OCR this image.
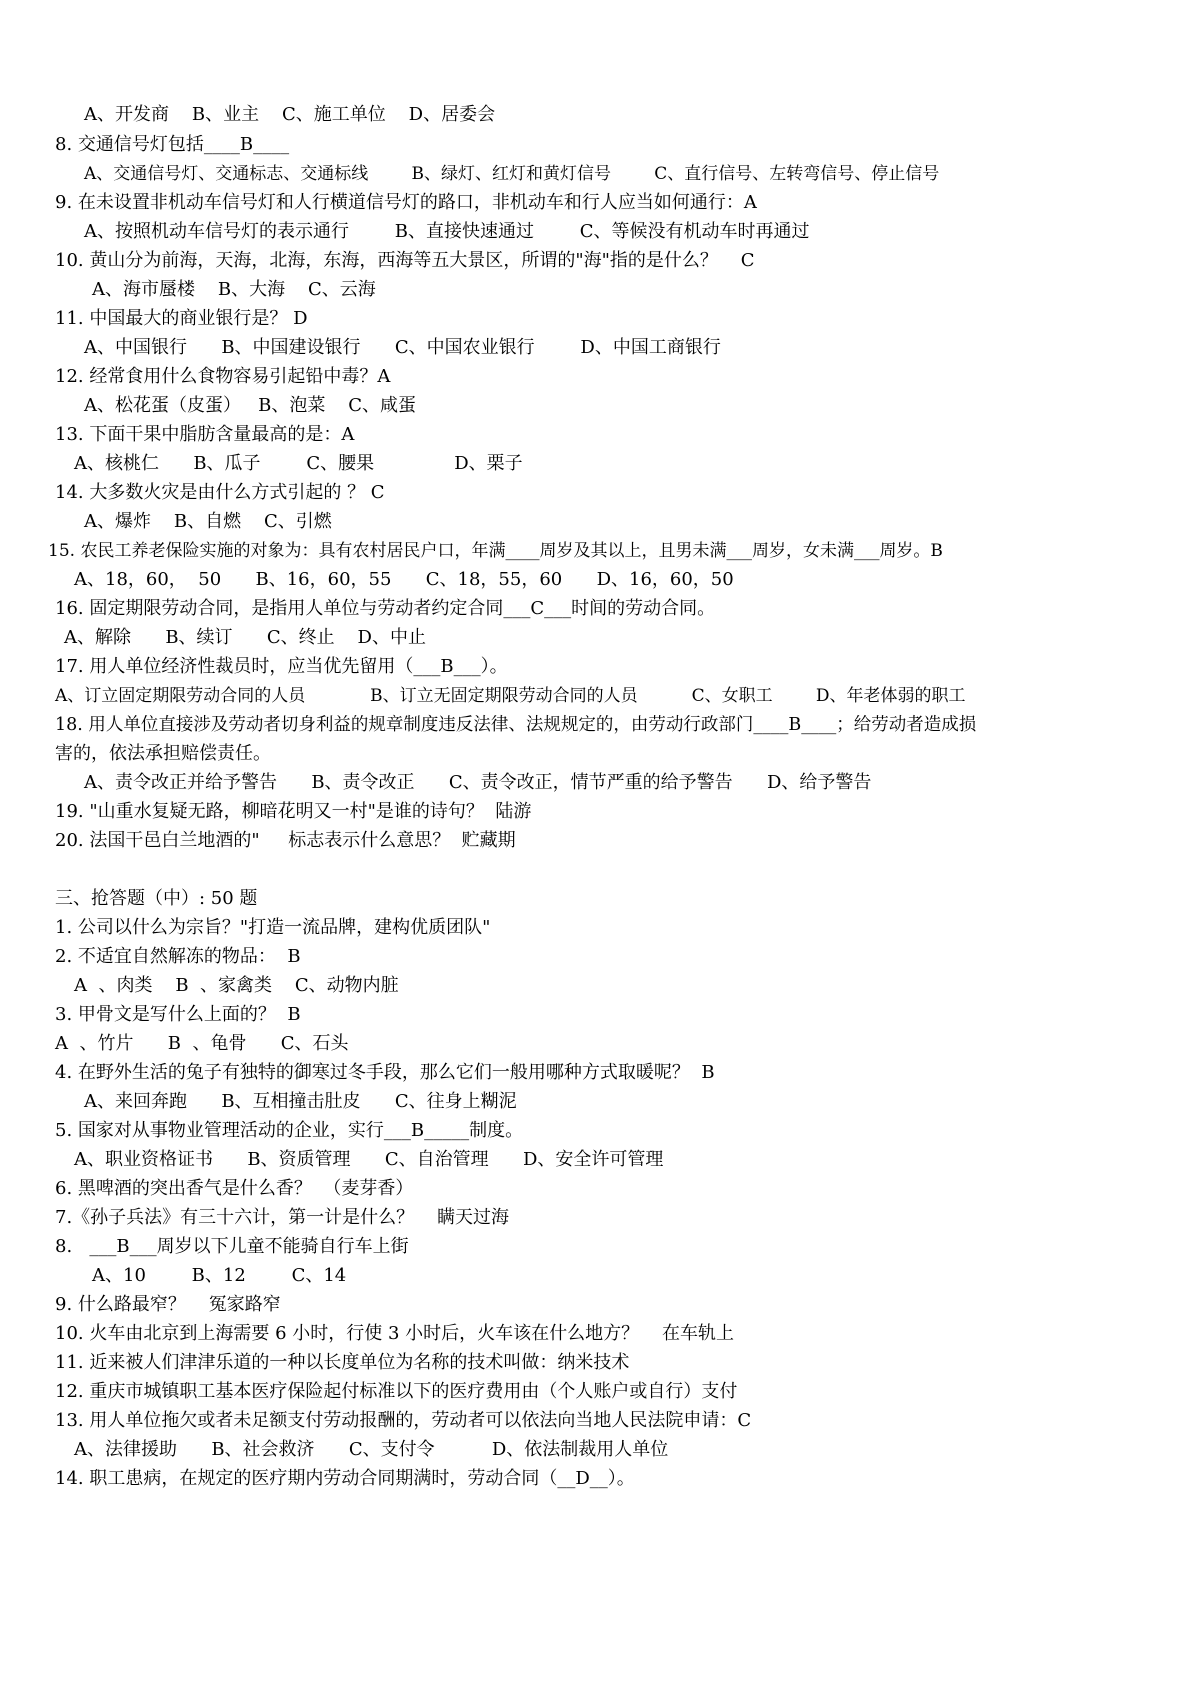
A、开发商    B、业主    C、施工单位    D、居委会
8. 交通信号灯包括____B____
A、交通信号灯、交通标志、交通标线        B、绿灯、红灯和黄灯信号        C、直行信号、左转弯信号、停止信号
9. 在未设置非机动车信号灯和人行横道信号灯的路口，非机动车和行人应当如何通行：A
A、按照机动车信号灯的表示通行        B、直接快速通过        C、等候没有机动车时再通过
10. 黄山分为前海，天海，北海，东海，西海等五大景区，所谓的"海"指的是什么？    C
A、海市蜃楼    B、大海    C、云海
11. 中国最大的商业银行是？ D
A、中国银行      B、中国建设银行      C、中国农业银行        D、中国工商银行
12. 经常食用什么食物容易引起铅中毒？A
A、松花蛋（皮蛋）   B、泡菜    C、咸蛋
13. 下面干果中脂肪含量最高的是：A
A、核桃仁      B、瓜子        C、腰果              D、栗子
14. 大多数火灾是由什么方式引起的 ？ C
A、爆炸    B、自燃    C、引燃
15. 农民工养老保险实施的对象为：具有农村居民户口，年满____周岁及其以上，且男未满___周岁，女未满___周岁。B
A、18，60，  50      B、16，60，55      C、18，55，60      D、16，60，50
16. 固定期限劳动合同，是指用人单位与劳动者约定合同___C___时间的劳动合同。
A、解除      B、续订      C、终止    D、中止
17. 用人单位经济性裁员时，应当优先留用（___B___）。
A、订立固定期限劳动合同的人员            B、订立无固定期限劳动合同的人员          C、女职工        D、年老体弱的职工
18. 用人单位直接涉及劳动者切身利益的规章制度违反法律、法规规定的，由劳动行政部门____B____；给劳动者造成损
害的，依法承担赔偿责任。
A、责令改正并给予警告      B、责令改正      C、责令改正，情节严重的给予警告      D、给予警告
19. "山重水复疑无路，柳暗花明又一村"是谁的诗句？  陆游
20. 法国干邑白兰地酒的"     标志表示什么意思？  贮藏期
三、抢答题（中）: 50 题
1. 公司以什么为宗旨？"打造一流品牌，建构优质团队"
2. 不适宜自然解冻的物品：  B
A  、肉类    B  、家禽类    C、动物内脏
3. 甲骨文是写什么上面的？  B
A  、竹片      B  、龟骨      C、石头
4. 在野外生活的兔子有独特的御寒过冬手段，那么它们一般用哪种方式取暖呢？  B
A、来回奔跑      B、互相撞击肚皮      C、往身上糊泥
5. 国家对从事物业管理活动的企业，实行___B_____制度。
A、职业资格证书      B、资质管理      C、自治管理      D、安全许可管理
6. 黑啤酒的突出香气是什么香？  （麦芽香）
7.《孙子兵法》有三十六计，第一计是什么？    瞒天过海
8.   ___B___周岁以下儿童不能骑自行车上街
A、10        B、12        C、14
9. 什么路最窄？    冤家路窄
10. 火车由北京到上海需要 6 小时，行使 3 小时后，火车该在什么地方？    在车轨上
11. 近来被人们津津乐道的一种以长度单位为名称的技术叫做：纳米技术
12. 重庆市城镇职工基本医疗保险起付标准以下的医疗费用由（个人账户或自行）支付
13. 用人单位拖欠或者未足额支付劳动报酬的，劳动者可以依法向当地人民法院申请：C
A、法律援助      B、社会救济      C、支付令          D、依法制裁用人单位
14. 职工患病，在规定的医疗期内劳动合同期满时，劳动合同（__D__）。
